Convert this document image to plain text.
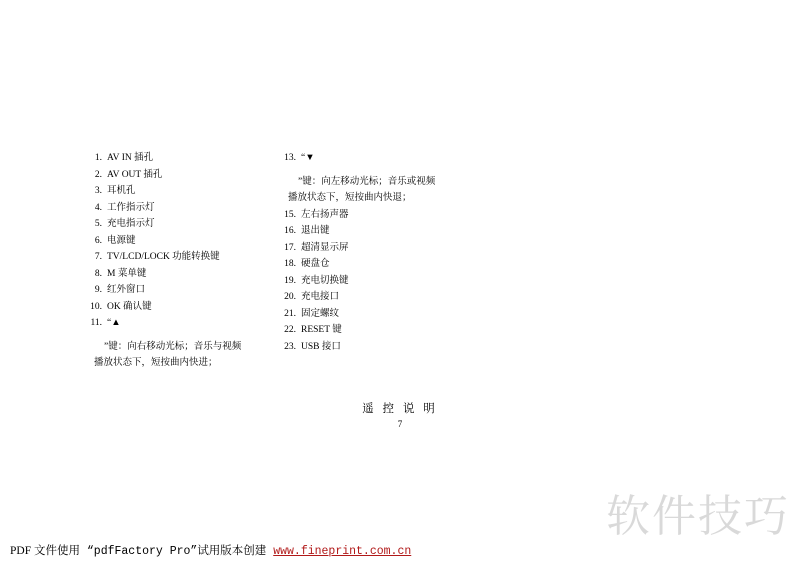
1. AV IN 插孔
2. AV OUT 插孔
3. 耳机孔
4. 工作指示灯
5. 充电指示灯
6. 电源键
7. TV/LCD/LOCK 功能转换键
8. M 菜单键
9. 红外窗口
10. OK 确认键
11. “▲
”键：向右移动光标；音乐与视频
播放状态下，短按曲内快进；
13. “▼
”键：向左移动光标；音乐或视频
播放状态下，短按曲内快退；
15. 左右扬声器
16. 退出键
17. 超清显示屏
18. 硬盘仓
19. 充电切换键
20. 充电接口
21. 固定螺纹
22. RESET 键
23. USB 接口
遥 控 说 明
7
软件技巧
PDF 文件使用 “pdfFactory Pro”试用版本创建 www.fineprint.com.cn
